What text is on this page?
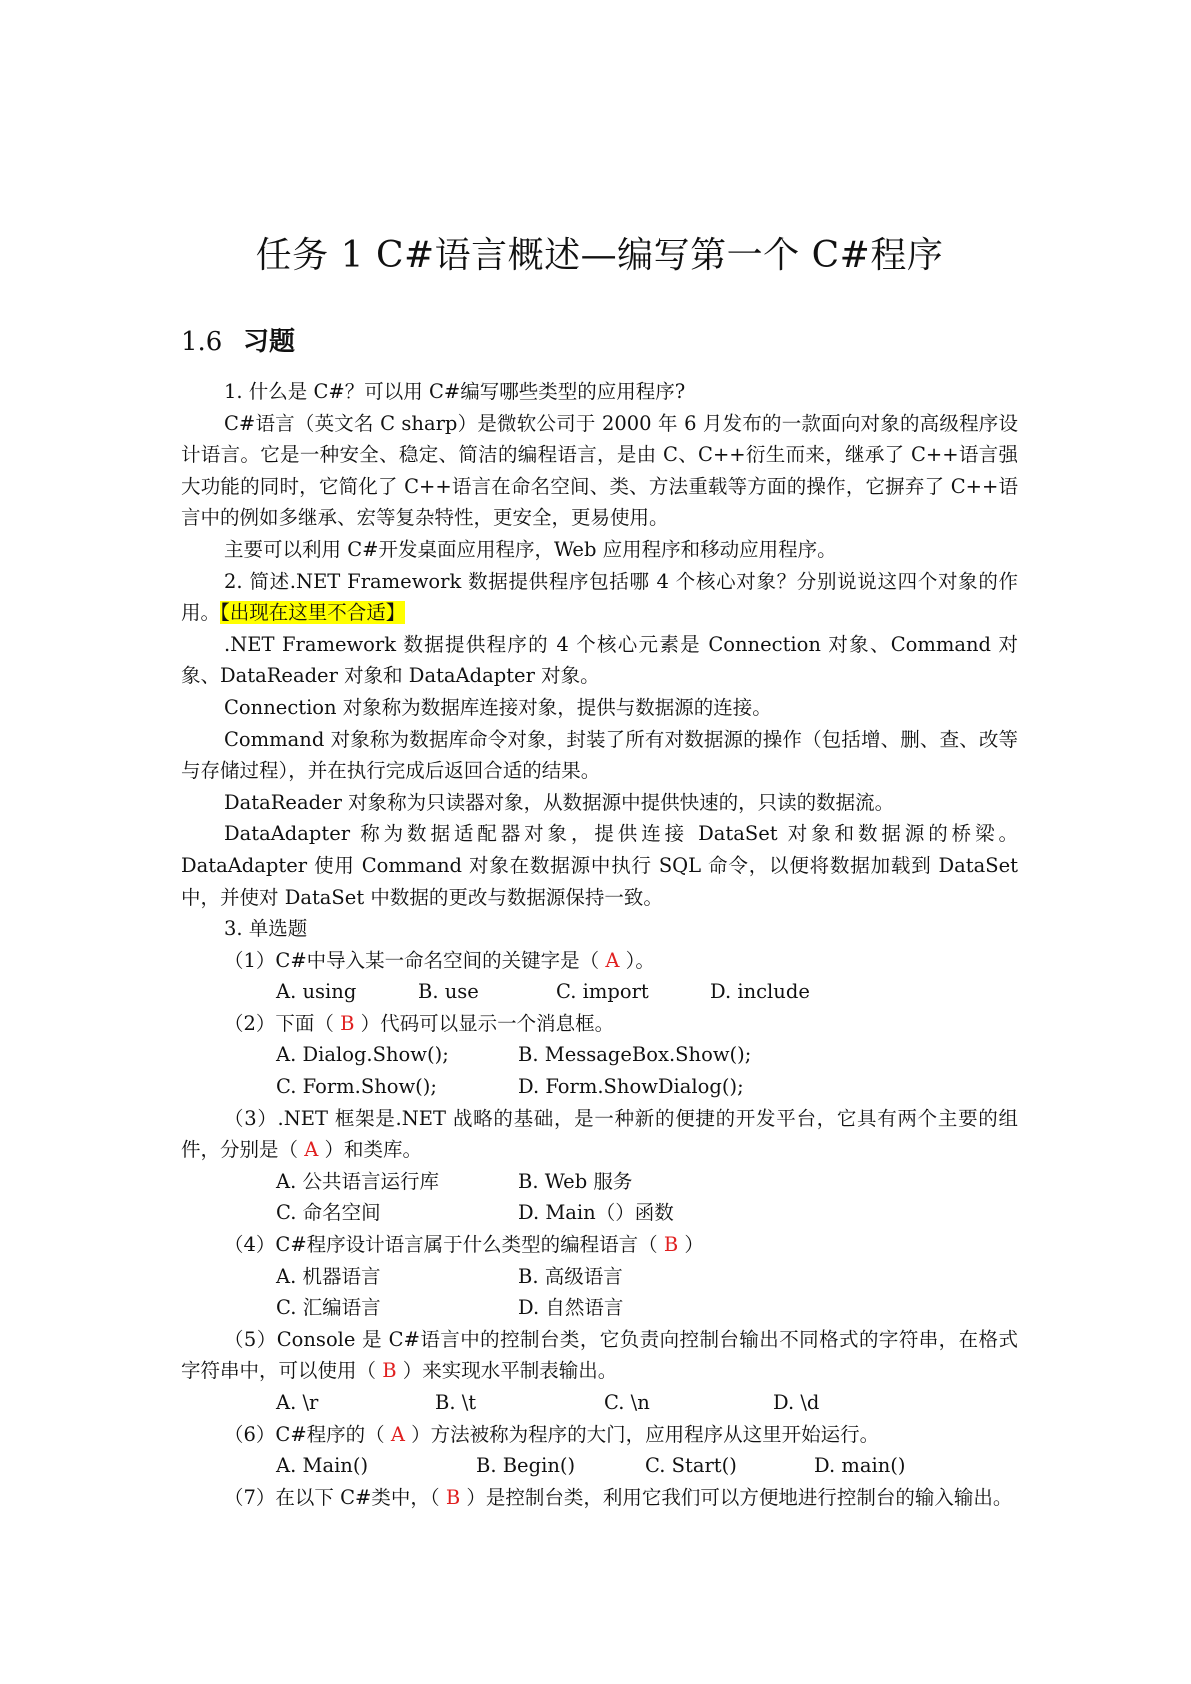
任务 1 C#语言概述—编写第一个 C#程序
1.6 习题

1. 什么是 C#？可以用 C#编写哪些类型的应用程序?

C#语言（英文名 C sharp）是微软公司于 2000 年 6 月发布的一款面向对象的高级程序设计语言。它是一种安全、稳定、简洁的编程语言，是由 C、C++衍生而来，继承了 C++语言强大功能的同时，它简化了 C++语言在命名空间、类、方法重载等方面的操作，它摒弃了 C++语言中的例如多继承、宏等复杂特性，更安全，更易使用。

主要可以利用 C#开发桌面应用程序，Web 应用程序和移动应用程序。

2. 简述.NET Framework 数据提供程序包括哪 4 个核心对象？分别说说这四个对象的作用。【出现在这里不合适】

.NET Framework 数据提供程序的 4 个核心元素是 Connection 对象、Command 对象、DataReader 对象和 DataAdapter 对象。

Connection 对象称为数据库连接对象，提供与数据源的连接。

Command 对象称为数据库命令对象，封装了所有对数据源的操作（包括增、删、查、改等与存储过程），并在执行完成后返回合适的结果。

DataReader 对象称为只读器对象，从数据源中提供快速的，只读的数据流。

DataAdapter 称为数据适配器对象，提供连接 DataSet 对象和数据源的桥梁。DataAdapter 使用 Command 对象在数据源中执行 SQL 命令，以便将数据加载到 DataSet 中，并使对 DataSet 中数据的更改与数据源保持一致。

3. 单选题

（1）C#中导入某一命名空间的关键字是（ A ）。

A. using	B. use	C. import	D. include

（2）下面（ B ）代码可以显示一个消息框。

A. Dialog.Show();	B. MessageBox.Show();

C. Form.Show();	D. Form.ShowDialog();

（3）.NET 框架是.NET 战略的基础，是一种新的便捷的开发平台，它具有两个主要的组件，分别是（ A ）和类库。

A. 公共语言运行库	B. Web 服务

C. 命名空间	D. Main（）函数

（4）C#程序设计语言属于什么类型的编程语言（ B ）

A. 机器语言	B. 高级语言

C. 汇编语言	D. 自然语言

（5）Console 是 C#语言中的控制台类，它负责向控制台输出不同格式的字符串，在格式字符串中，可以使用（ B ）来实现水平制表输出。

A. \r	B. \t	C. \n	D. \d

（6）C#程序的（ A ）方法被称为程序的大门，应用程序从这里开始运行。

A. Main()	B. Begin()	C. Start()	D. main()

（7）在以下 C#类中，（ B ）是控制台类，利用它我们可以方便地进行控制台的输入输出。
